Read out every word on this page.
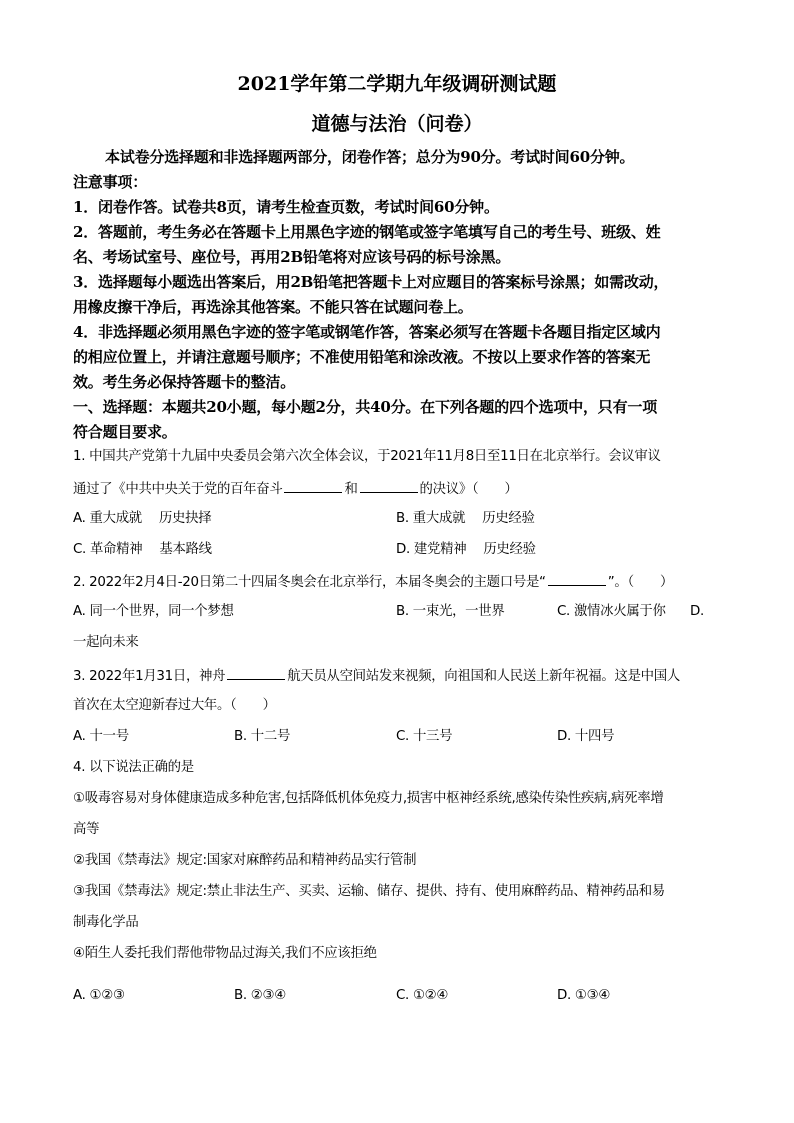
2021学年第二学期九年级调研测试题
道德与法治（问卷）
本试卷分选择题和非选择题两部分，闭卷作答；总分为90分。考试时间60分钟。
注意事项：
1．闭卷作答。试卷共8页，请考生检查页数，考试时间60分钟。
2．答题前，考生务必在答题卡上用黑色字迹的钢笔或签字笔填写自己的考生号、班级、姓
名、考场试室号、座位号，再用2B铅笔将对应该号码的标号涂黑。
3．选择题每小题选出答案后，用2B铅笔把答题卡上对应题目的答案标号涂黑；如需改动，
用橡皮擦干净后，再选涂其他答案。不能只答在试题问卷上。
4．非选择题必须用黑色字迹的签字笔或钢笔作答，答案必须写在答题卡各题目指定区域内
的相应位置上，并请注意题号顺序；不准使用铅笔和涂改液。不按以上要求作答的答案无
效。考生务必保持答题卡的整洁。
一、选择题：本题共20小题，每小题2分，共40分。在下列各题的四个选项中，只有一项
符合题目要求。
1. 中国共产党第十九届中央委员会第六次全体会议，于2021年11月8日至11日在北京举行。会议审议
通过了《中共中央关于党的百年奋斗	和	的决议》（　　）
A. 重大成就　 历史抉择	B. 重大成就　 历史经验
C. 革命精神　 基本路线	D. 建党精神　 历史经验
2. 2022年2月4日-20日第二十四届冬奥会在北京举行，本届冬奥会的主题口号是“	”。（　　）
A. 同一个世界，同一个梦想	B. 一束光，一世界	C. 激情冰火属于你 D.
一起向未来
3. 2022年1月31日，神舟	航天员从空间站发来视频，向祖国和人民送上新年祝福。这是中国人
首次在太空迎新春过大年。（　　）
A. 十一号	B. 十二号	C. 十三号	D. 十四号
4. 以下说法正确的是
①吸毒容易对身体健康造成多种危害,包括降低机体免疫力,损害中枢神经系统,感染传染性疾病,病死率增
高等
②我国《禁毒法》规定:国家对麻醉药品和精神药品实行管制
③我国《禁毒法》规定:禁止非法生产、买卖、运输、储存、提供、持有、使用麻醉药品、精神药品和易
制毒化学品
④陌生人委托我们帮他带物品过海关,我们不应该拒绝
A. ①②③	B. ②③④	C. ①②④	D. ①③④
